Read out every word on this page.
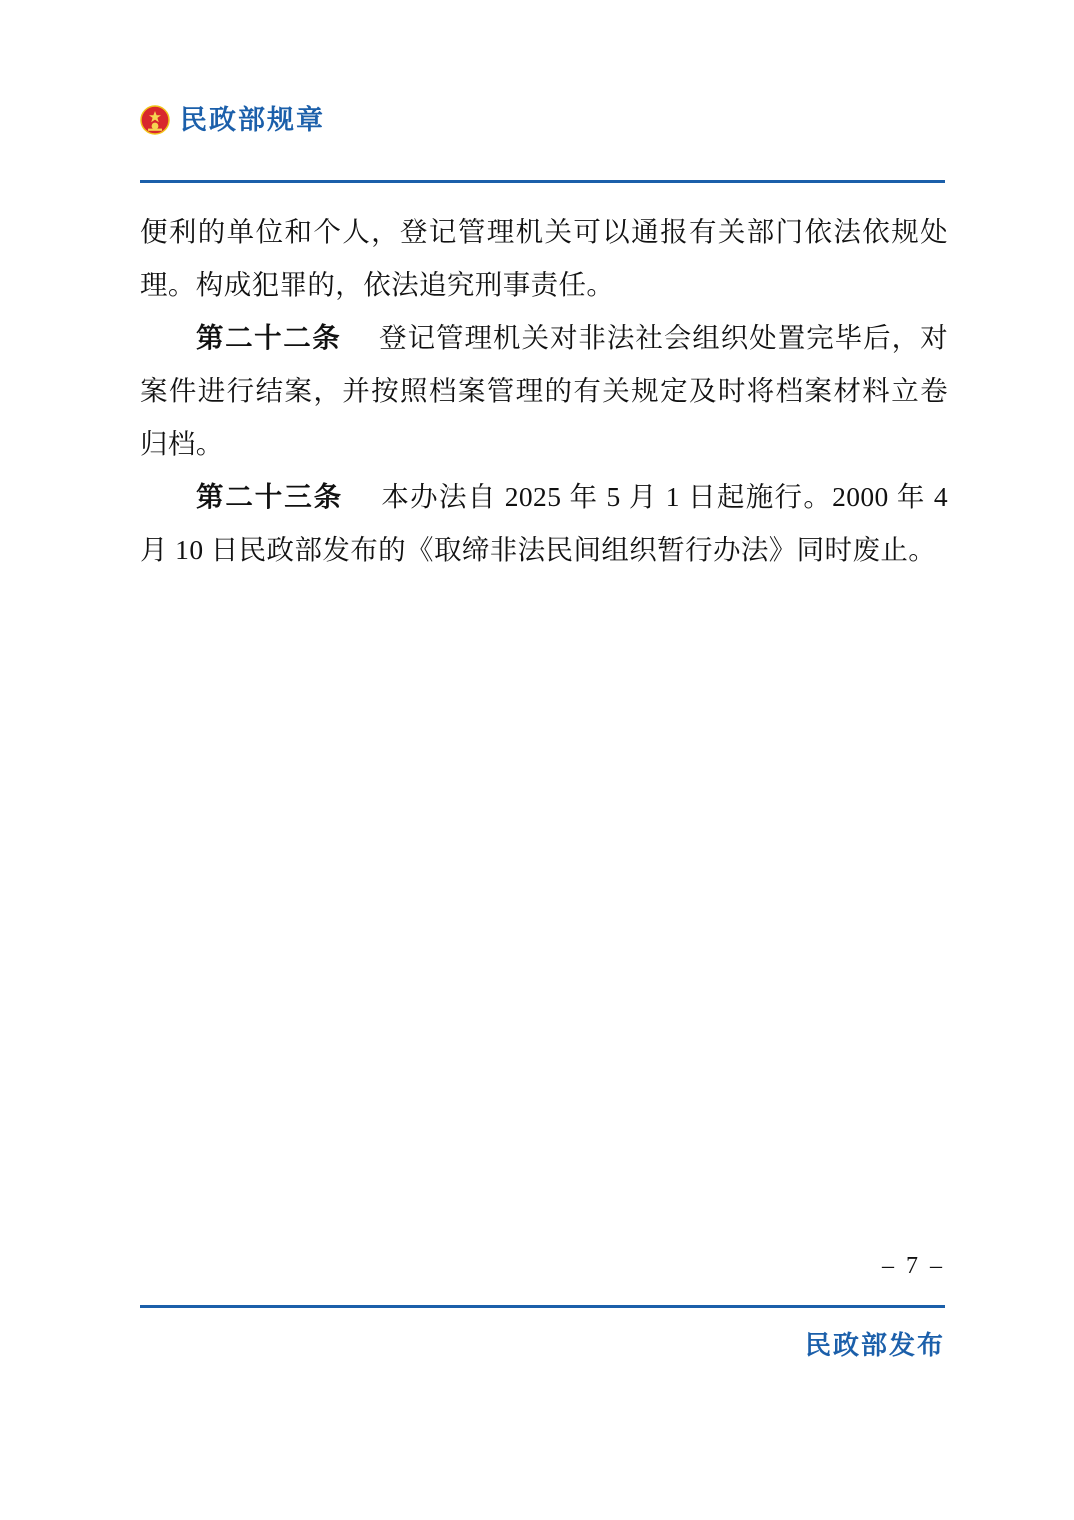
民政部规章

便利的单位和个人，登记管理机关可以通报有关部门依法依规处理。构成犯罪的，依法追究刑事责任。

第二十二条 登记管理机关对非法社会组织处置完毕后，对案件进行结案，并按照档案管理的有关规定及时将档案材料立卷归档。

第二十三条 本办法自 2025 年 5 月 1 日起施行。2000 年 4 月 10 日民政部发布的《取缔非法民间组织暂行办法》同时废止。

– 7 –
民政部发布
